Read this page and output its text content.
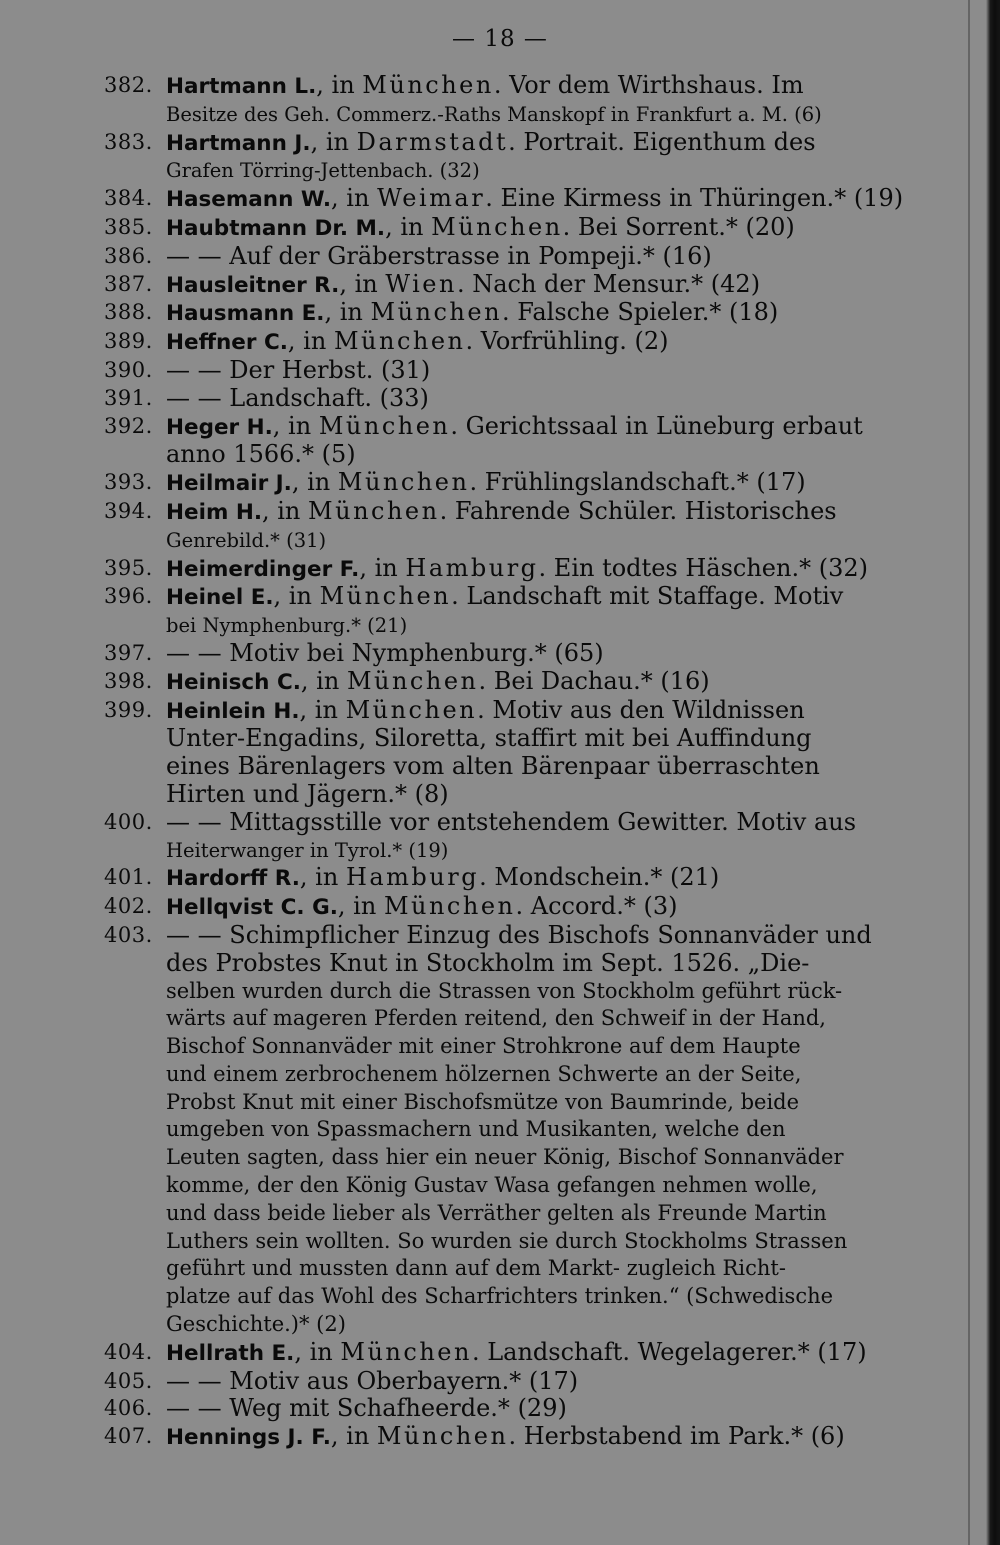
— 18 —
382. Hartmann L., in München. Vor dem Wirthshaus. Im
Besitze des Geh. Commerz.-Raths Manskopf in Frankfurt a. M. (6)
383. Hartmann J., in Darmstadt. Portrait. Eigenthum des
Grafen Törring-Jettenbach. (32)
384. Hasemann W., in Weimar. Eine Kirmess in Thüringen.* (19)
385. Haubtmann Dr. M., in München. Bei Sorrent.* (20)
386. — — Auf der Gräberstrasse in Pompeji.* (16)
387. Hausleitner R., in Wien. Nach der Mensur.* (42)
388. Hausmann E., in München. Falsche Spieler.* (18)
389. Heffner C., in München. Vorfrühling. (2)
390. — — Der Herbst. (31)
391. — — Landschaft. (33)
392. Heger H., in München. Gerichtssaal in Lüneburg erbaut
anno 1566.* (5)
393. Heilmair J., in München. Frühlingslandschaft.* (17)
394. Heim H., in München. Fahrende Schüler. Historisches
Genrebild.* (31)
395. Heimerdinger F., in Hamburg. Ein todtes Häschen.* (32)
396. Heinel E., in München. Landschaft mit Staffage. Motiv
bei Nymphenburg.* (21)
397. — — Motiv bei Nymphenburg.* (65)
398. Heinisch C., in München. Bei Dachau.* (16)
399. Heinlein H., in München. Motiv aus den Wildnissen
Unter-Engadins, Siloretta, staffirt mit bei Auffindung
eines Bärenlagers vom alten Bärenpaar überraschten
Hirten und Jägern.* (8)
400. — — Mittagsstille vor entstehendem Gewitter. Motiv aus
Heiterwanger in Tyrol.* (19)
401. Hardorff R., in Hamburg. Mondschein.* (21)
402. Hellqvist C. G., in München. Accord.* (3)
403. — — Schimpflicher Einzug des Bischofs Sonnanväder und
des Probstes Knut in Stockholm im Sept. 1526. „Die-
selben wurden durch die Strassen von Stockholm geführt rück-
wärts auf mageren Pferden reitend, den Schweif in der Hand,
Bischof Sonnanväder mit einer Strohkrone auf dem Haupte
und einem zerbrochenem hölzernen Schwerte an der Seite,
Probst Knut mit einer Bischofsmütze von Baumrinde, beide
umgeben von Spassmachern und Musikanten, welche den
Leuten sagten, dass hier ein neuer König, Bischof Sonnanväder
komme, der den König Gustav Wasa gefangen nehmen wolle,
und dass beide lieber als Verräther gelten als Freunde Martin
Luthers sein wollten. So wurden sie durch Stockholms Strassen
geführt und mussten dann auf dem Markt- zugleich Richt-
platze auf das Wohl des Scharfrichters trinken.“ (Schwedische
Geschichte.)* (2)
404. Hellrath E., in München. Landschaft. Wegelagerer.* (17)
405. — — Motiv aus Oberbayern.* (17)
406. — — Weg mit Schafheerde.* (29)
407. Hennings J. F., in München. Herbstabend im Park.* (6)
